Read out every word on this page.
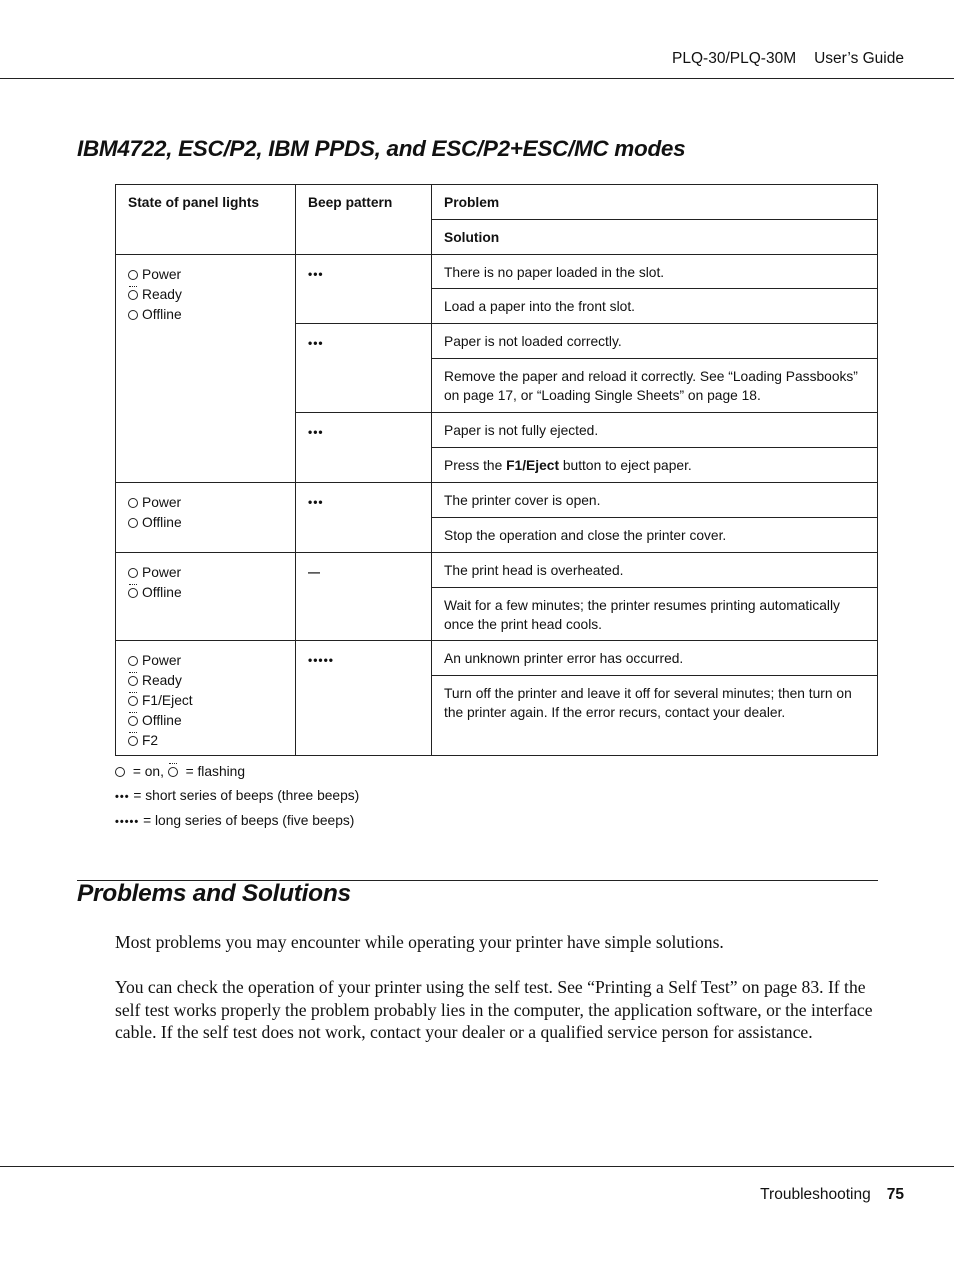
PLQ-30/PLQ-30M User’s Guide
IBM4722, ESC/P2, IBM PPDS, and ESC/P2+ESC/MC modes
State of panel lights	Beep pattern	Problem
		Solution

Power
Ready
Offline	•••	There is no paper loaded in the slot.
		Load a paper into the front slot.
	•••	Paper is not loaded correctly.
		Remove the paper and reload it correctly. See “Loading Passbooks” on page 17, or “Loading Single Sheets” on page 18.
	•••	Paper is not fully ejected.
		Press the F1/Eject button to eject paper.

Power
Offline	•••	The printer cover is open.
		Stop the operation and close the printer cover.

Power
Offline	—	The print head is overheated.
		Wait for a few minutes; the printer resumes printing automatically once the print head cools.

Power
Ready
F1/Eject
Offline
F2	•••••	An unknown printer error has occurred.
		Turn off the printer and leave it off for several minutes; then turn on the printer again. If the error recurs, contact your dealer.
= on,  = flashing
••• = short series of beeps (three beeps)
••••• = long series of beeps (five beeps)
Problems and Solutions

Most problems you may encounter while operating your printer have simple solutions.

You can check the operation of your printer using the self test. See “Printing a Self Test” on page 83. If the self test works properly the problem probably lies in the computer, the application software, or the interface cable. If the self test does not work, contact your dealer or a qualified service person for assistance.

Troubleshooting 75
